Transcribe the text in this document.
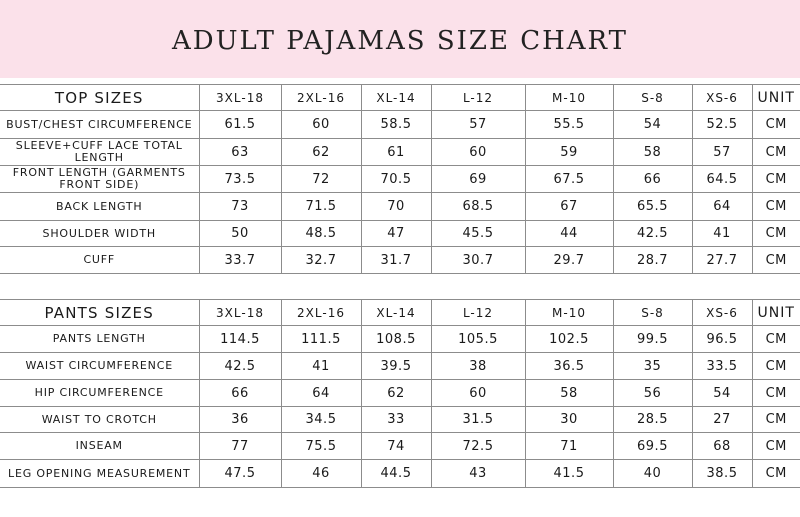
ADULT PAJAMAS SIZE CHART
TOP SIZES	3XL-18	2XL-16	XL-14	L-12	M-10	S-8	XS-6	UNIT
BUST/CHEST CIRCUMFERENCE	61.5	60	58.5	57	55.5	54	52.5	CM
SLEEVE+CUFF LACE TOTAL LENGTH	63	62	61	60	59	58	57	CM
FRONT LENGTH (GARMENTS FRONT SIDE)	73.5	72	70.5	69	67.5	66	64.5	CM
BACK LENGTH	73	71.5	70	68.5	67	65.5	64	CM
SHOULDER WIDTH	50	48.5	47	45.5	44	42.5	41	CM
CUFF	33.7	32.7	31.7	30.7	29.7	28.7	27.7	CM
PANTS SIZES	3XL-18	2XL-16	XL-14	L-12	M-10	S-8	XS-6	UNIT
PANTS LENGTH	114.5	111.5	108.5	105.5	102.5	99.5	96.5	CM
WAIST CIRCUMFERENCE	42.5	41	39.5	38	36.5	35	33.5	CM
HIP CIRCUMFERENCE	66	64	62	60	58	56	54	CM
WAIST TO CROTCH	36	34.5	33	31.5	30	28.5	27	CM
INSEAM	77	75.5	74	72.5	71	69.5	68	CM
LEG OPENING MEASUREMENT	47.5	46	44.5	43	41.5	40	38.5	CM
